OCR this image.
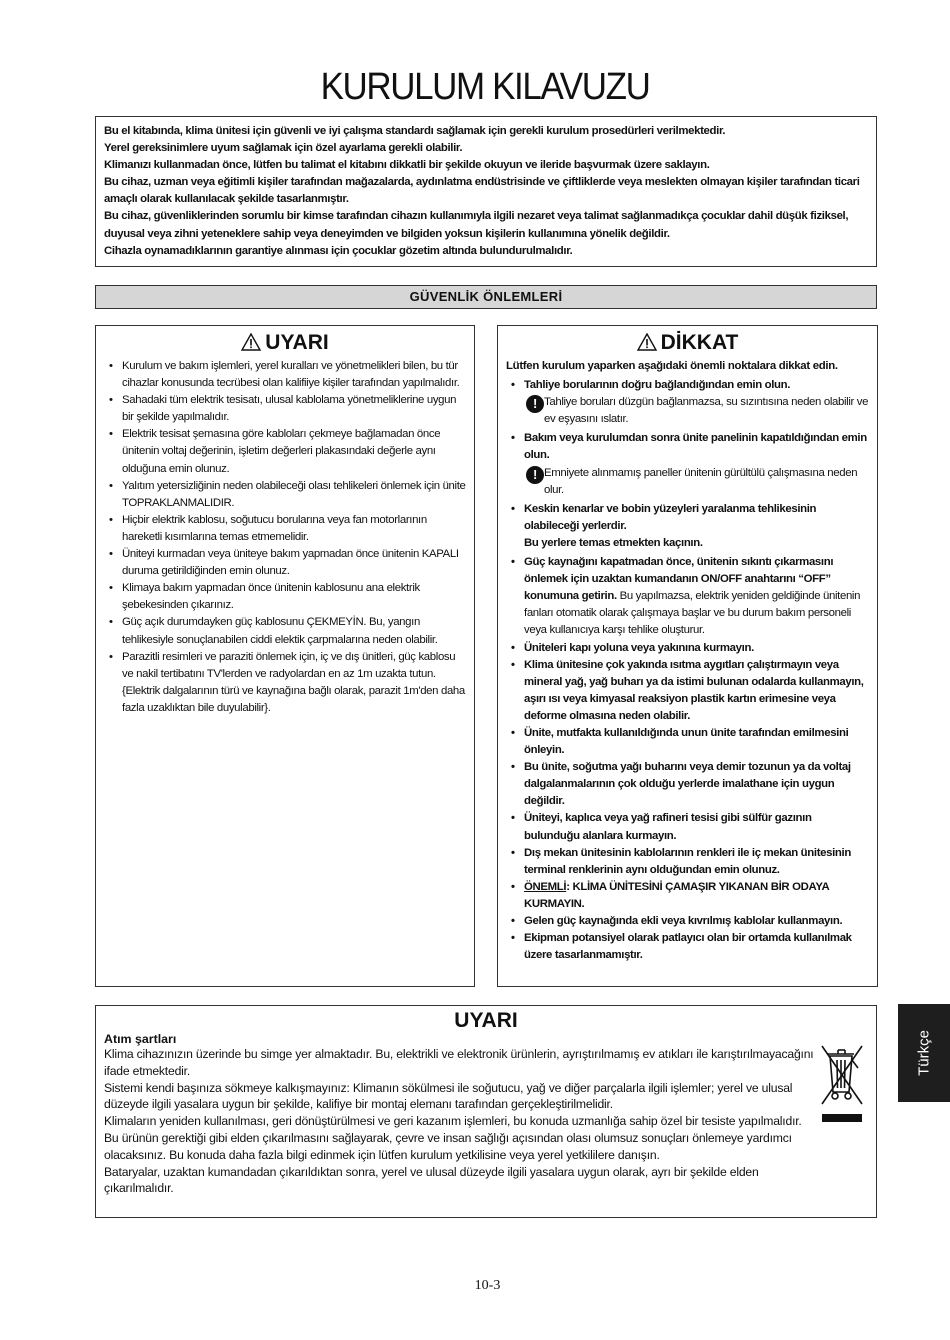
KURULUM KILAVUZU

Bu el kitabında, klima ünitesi için güvenli ve iyi çalışma standardı sağlamak için gerekli kurulum prosedürleri verilmektedir.

Yerel gereksinimlere uyum sağlamak için özel ayarlama gerekli olabilir.

Klimanızı kullanmadan önce, lütfen bu talimat el kitabını dikkatli bir şekilde okuyun ve ileride başvurmak üzere saklayın.

Bu cihaz, uzman veya eğitimli kişiler tarafından mağazalarda, aydınlatma endüstrisinde ve çiftliklerde veya meslekten olmayan kişiler tarafından ticari amaçlı olarak kullanılacak şekilde tasarlanmıştır.

Bu cihaz, güvenliklerinden sorumlu bir kimse tarafından cihazın kullanımıyla ilgili nezaret veya talimat sağlanmadıkça çocuklar dahil düşük fiziksel, duyusal veya zihni yeteneklere sahip veya deneyimden ve bilgiden yoksun kişilerin kullanımına yönelik değildir.

Cihazla oynamadıklarının garantiye alınması için çocuklar gözetim altında bulundurulmalıdır.

GÜVENLİK ÖNLEMLERİ
UYARI
• Kurulum ve bakım işlemleri, yerel kuralları ve yönetmelikleri bilen, bu tür cihazlar konusunda tecrübesi olan kalifiiye kişiler tarafından yapılmalıdır.
• Sahadaki tüm elektrik tesisatı, ulusal kablolama yönetmeliklerine uygun bir şekilde yapılmalıdır.
• Elektrik tesisat şemasına göre kabloları çekmeye bağlamadan önce ünitenin voltaj değerinin, işletim değerleri plakasındaki değerle aynı olduğuna emin olunuz.
• Yalıtım yetersizliğinin neden olabileceği olası tehlikeleri önlemek için ünite TOPRAKLANMALIDIR.
• Hiçbir elektrik kablosu, soğutucu borularına veya fan motorlarının hareketli kısımlarına temas etmemelidir.
• Üniteyi kurmadan veya üniteye bakım yapmadan önce ünitenin KAPALI duruma getirildiğinden emin olunuz.
• Klimaya bakım yapmadan önce ünitenin kablosunu ana elektrik şebekesinden çıkarınız.
• Güç açık durumdayken güç kablosunu ÇEKMEYİN. Bu, yangın tehlikesiyle sonuçlanabilen ciddi elektik çarpmalarına neden olabilir.
• Parazitli resimleri ve paraziti önlemek için, iç ve dış ünitleri, güç kablosu ve nakil tertibatını TV'lerden ve radyolardan en az 1m uzakta tutun. {Elektrik dalgalarının türü ve kaynağına bağlı olarak, parazit 1m'den daha fazla uzaklıktan bile duyulabilir}.
DİKKAT
Lütfen kurulum yaparken aşağıdaki önemli noktalara dikkat edin.
• Tahliye borularının doğru bağlandığından emin olun.
! Tahliye boruları düzgün bağlanmazsa, su sızıntısına neden olabilir ve ev eşyasını ıslatır.
• Bakım veya kurulumdan sonra ünite panelinin kapatıldığından emin olun.
! Emniyete alınmamış paneller ünitenin gürültülü çalışmasına neden olur.
• Keskin kenarlar ve bobin yüzeyleri yaralanma tehlikesinin olabileceği yerlerdir.
Bu yerlere temas etmekten kaçının.
• Güç kaynağını kapatmadan önce, ünitenin sıkıntı çıkarmasını önlemek için uzaktan kumandanın ON/OFF anahtarını “OFF” konumuna getirin. Bu yapılmazsa, elektrik yeniden geldiğinde ünitenin fanları otomatik olarak çalışmaya başlar ve bu durum bakım personeli veya kullanıcıya karşı tehlike oluşturur.
• Üniteleri kapı yoluna veya yakınına kurmayın.
• Klima ünitesine çok yakında ısıtma aygıtları çalıştırmayın veya mineral yağ, yağ buharı ya da istimi bulunan odalarda kullanmayın, aşırı ısı veya kimyasal reaksiyon plastik kartın erimesine veya deforme olmasına neden olabilir.
• Ünite, mutfakta kullanıldığında unun ünite tarafından emilmesini önleyin.
• Bu ünite, soğutma yağı buharını veya demir tozunun ya da voltaj dalgalanmalarının çok olduğu yerlerde imalathane için uygun değildir.
• Üniteyi, kaplıca veya yağ rafineri tesisi gibi sülfür gazının bulunduğu alanlara kurmayın.
• Dış mekan ünitesinin kablolarının renkleri ile iç mekan ünitesinin terminal renklerinin aynı olduğundan emin olunuz.
• ÖNEMLİ: KLİMA ÜNİTESİNİ ÇAMAŞIR YIKANAN BİR ODAYA KURMAYIN.
• Gelen güç kaynağında ekli veya kıvrılmış kablolar kullanmayın.
• Ekipman potansiyel olarak patlayıcı olan bir ortamda kullanılmak üzere tasarlanmamıştır.
UYARI
Atım şartları

Klima cihazınızın üzerinde bu simge yer almaktadır. Bu, elektrikli ve elektronik ürünlerin, ayrıştırılmamış ev atıkları ile karıştırılmayacağını ifade etmektedir.

Sistemi kendi başınıza sökmeye kalkışmayınız: Klimanın sökülmesi ile soğutucu, yağ ve diğer parçalarla ilgili işlemler; yerel ve ulusal düzeyde ilgili yasalara uygun bir şekilde, kalifiye bir montaj elemanı tarafından gerçekleştirilmelidir.

Klimaların yeniden kullanılması, geri dönüştürülmesi ve geri kazanım işlemleri, bu konuda uzmanlığa sahip özel bir tesiste yapılmalıdır. Bu ürünün gerektiği gibi elden çıkarılmasını sağlayarak, çevre ve insan sağlığı açısından olası olumsuz sonuçları önlemeye yardımcı olacaksınız. Bu konuda daha fazla bilgi edinmek için lütfen kurulum yetkilisine veya yerel yetkililere danışın.

Bataryalar, uzaktan kumandadan çıkarıldıktan sonra, yerel ve ulusal düzeyde ilgili yasalara uygun olarak, ayrı bir şekilde elden çıkarılmalıdır.

Türkçe
10-3
